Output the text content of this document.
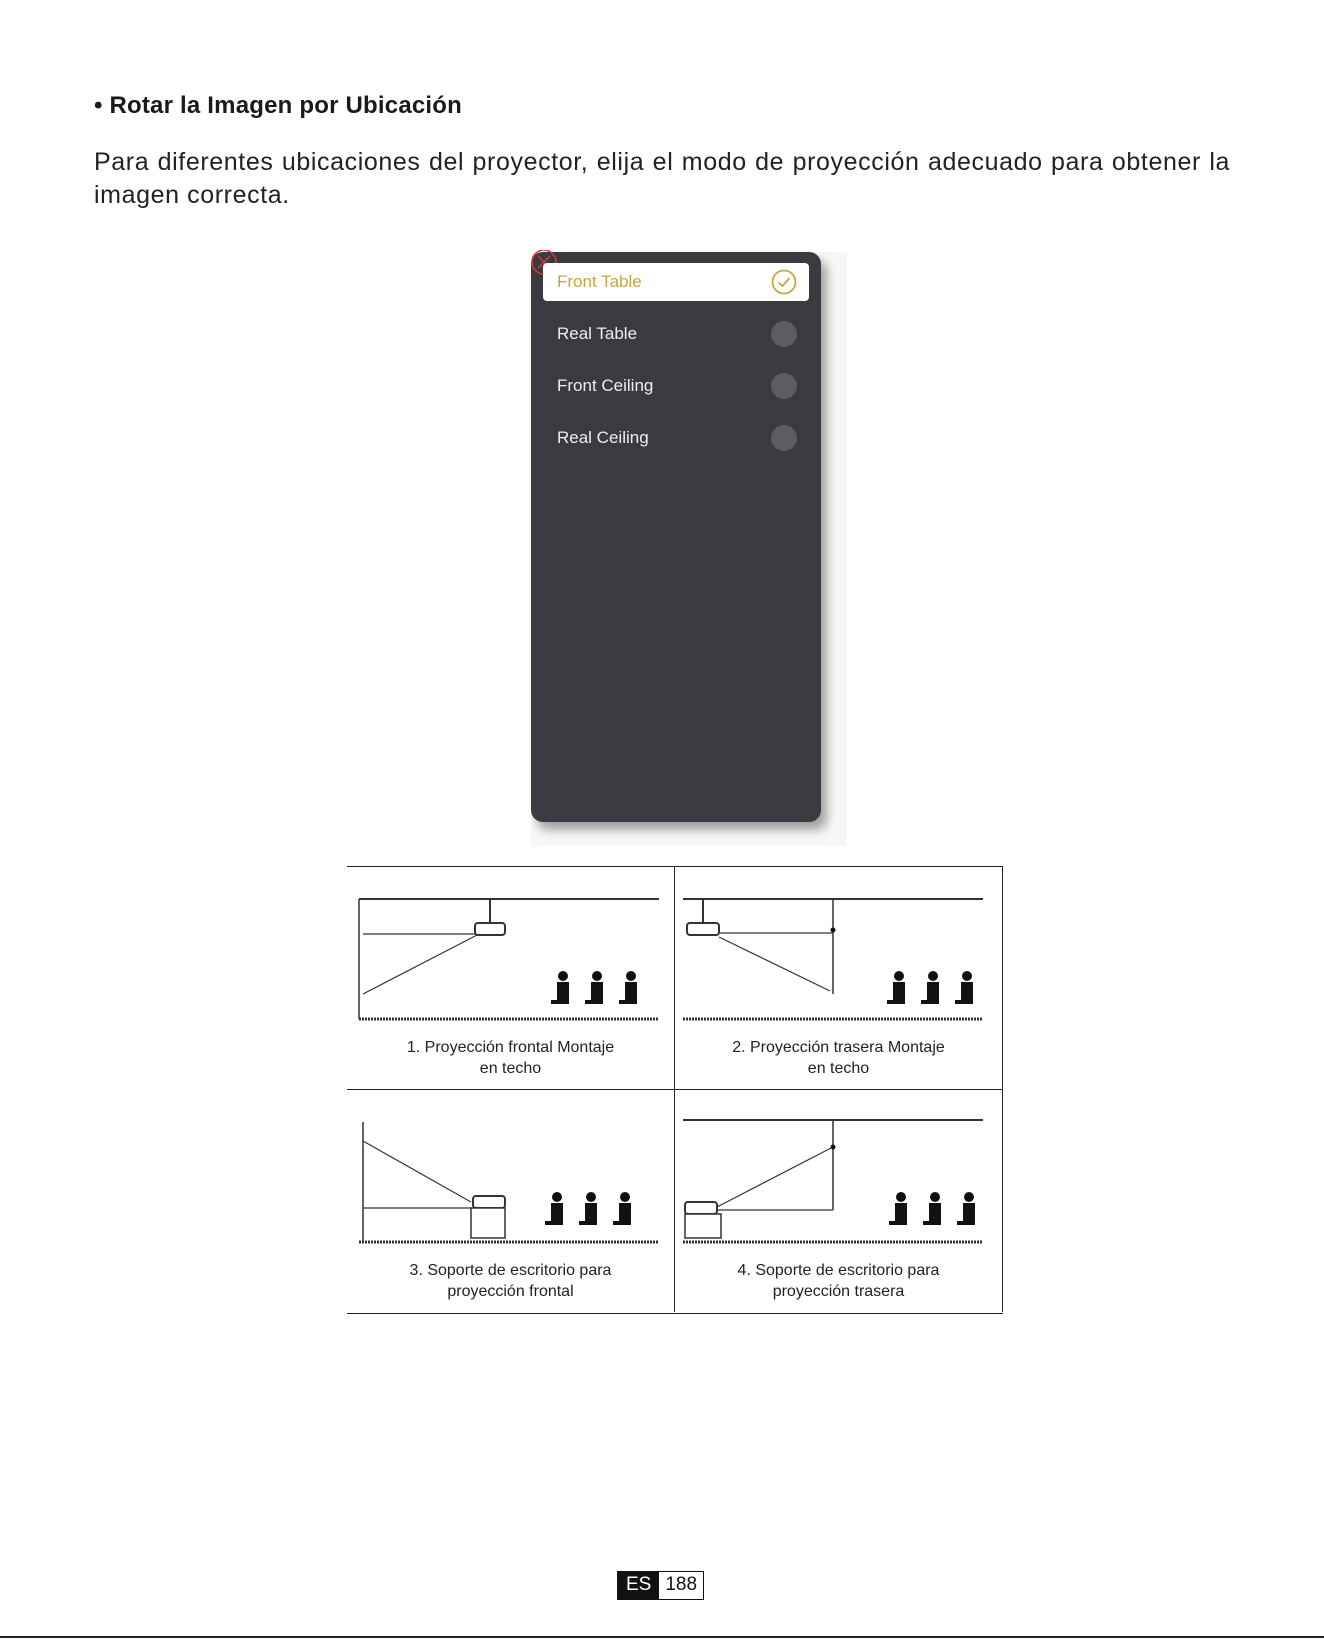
• Rotar la Imagen por Ubicación
Para diferentes ubicaciones del proyector, elija el modo de proyección adecuado para obtener la imagen correcta.
Front Table
Real Table
Front Ceiling
Real Ceiling
1. Proyección frontal Montaje
en techo
2. Proyección trasera Montaje
en techo
3. Soporte de escritorio para
proyección frontal
4. Soporte de escritorio para
proyección trasera
ES 188
